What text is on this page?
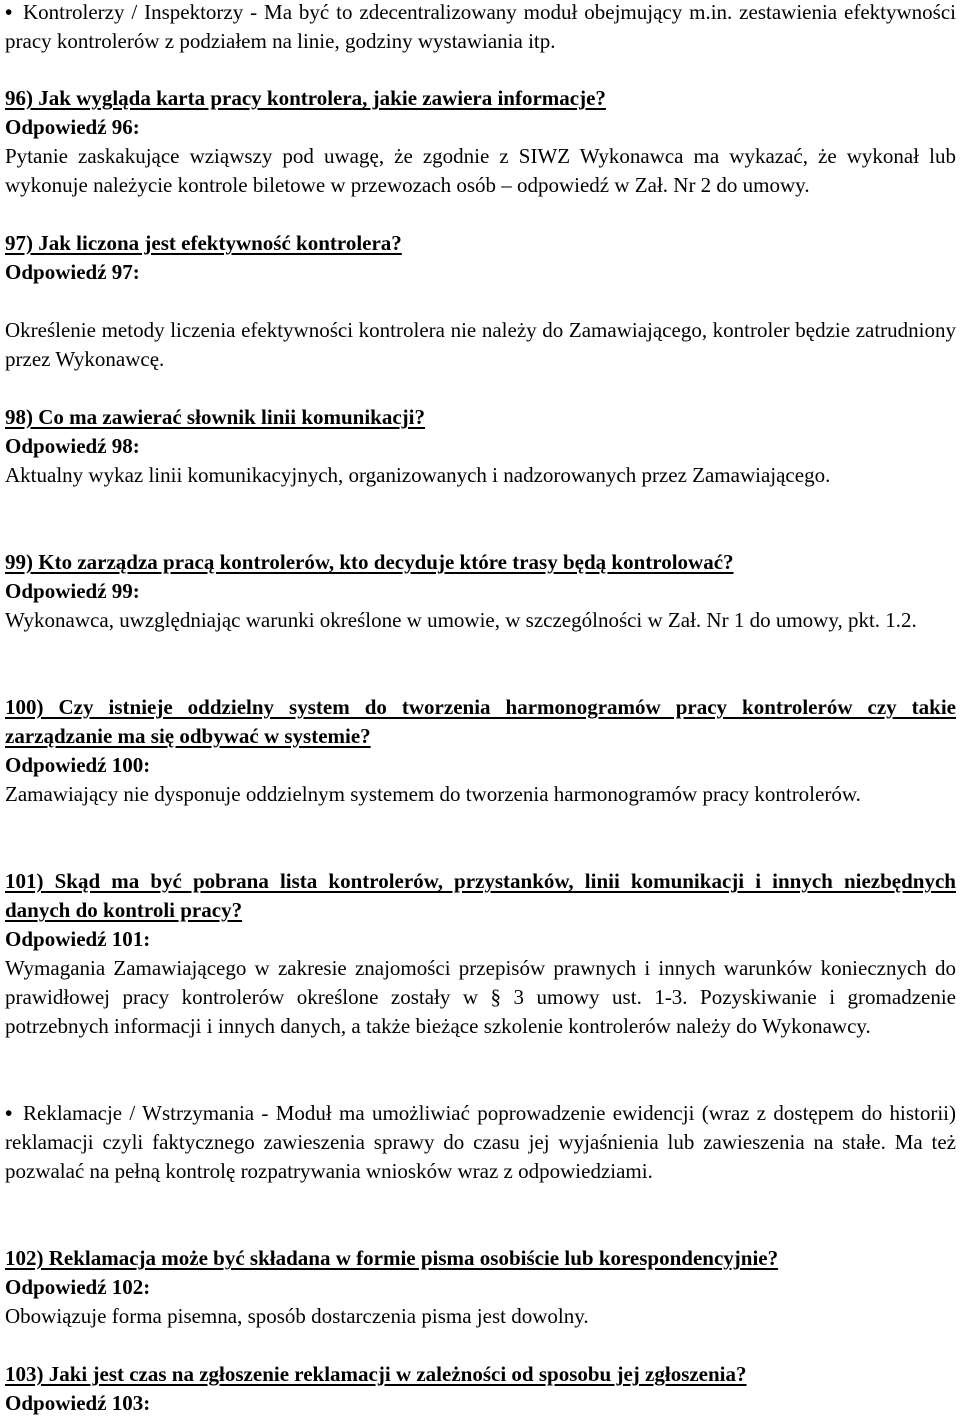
• Kontrolerzy / Inspektorzy - Ma być to zdecentralizowany moduł obejmujący m.in. zestawienia efektywności pracy kontrolerów z podziałem na linie, godziny wystawiania itp.

96) Jak wygląda karta pracy kontrolera, jakie zawiera informacje?

Odpowiedź 96:

Pytanie zaskakujące wziąwszy pod uwagę, że zgodnie z SIWZ Wykonawca ma wykazać, że wykonał lub wykonuje należycie kontrole biletowe w przewozach osób – odpowiedź w Zał. Nr 2 do umowy.

97) Jak liczona jest efektywność kontrolera?

Odpowiedź 97:

Określenie metody liczenia efektywności kontrolera nie należy do Zamawiającego, kontroler będzie zatrudniony przez Wykonawcę.

98) Co ma zawierać słownik linii komunikacji?

Odpowiedź 98:

Aktualny wykaz linii komunikacyjnych, organizowanych i nadzorowanych przez Zamawiającego.

99) Kto zarządza pracą kontrolerów, kto decyduje które trasy będą kontrolować?

Odpowiedź 99:

Wykonawca, uwzględniając warunki określone w umowie, w szczególności w Zał. Nr 1 do umowy, pkt. 1.2.

100) Czy istnieje oddzielny system do tworzenia harmonogramów pracy kontrolerów czy takie zarządzanie ma się odbywać w systemie?

Odpowiedź 100:

Zamawiający nie dysponuje oddzielnym systemem do tworzenia harmonogramów pracy kontrolerów.

101) Skąd ma być pobrana lista kontrolerów, przystanków, linii komunikacji i innych niezbędnych danych do kontroli pracy?

Odpowiedź 101:

Wymagania Zamawiającego w zakresie znajomości przepisów prawnych i innych warunków koniecznych do prawidłowej pracy kontrolerów określone zostały w § 3 umowy ust. 1-3. Pozyskiwanie i gromadzenie potrzebnych informacji i innych danych, a także bieżące szkolenie kontrolerów należy do Wykonawcy.

• Reklamacje / Wstrzymania - Moduł ma umożliwiać poprowadzenie ewidencji (wraz z dostępem do historii) reklamacji czyli faktycznego zawieszenia sprawy do czasu jej wyjaśnienia lub zawieszenia na stałe. Ma też pozwalać na pełną kontrolę rozpatrywania wniosków wraz z odpowiedziami.

102) Reklamacja może być składana w formie pisma osobiście lub korespondencyjnie?

Odpowiedź 102:

Obowiązuje forma pisemna, sposób dostarczenia pisma jest dowolny.

103) Jaki jest czas na zgłoszenie reklamacji w zależności od sposobu jej zgłoszenia?

Odpowiedź 103:
